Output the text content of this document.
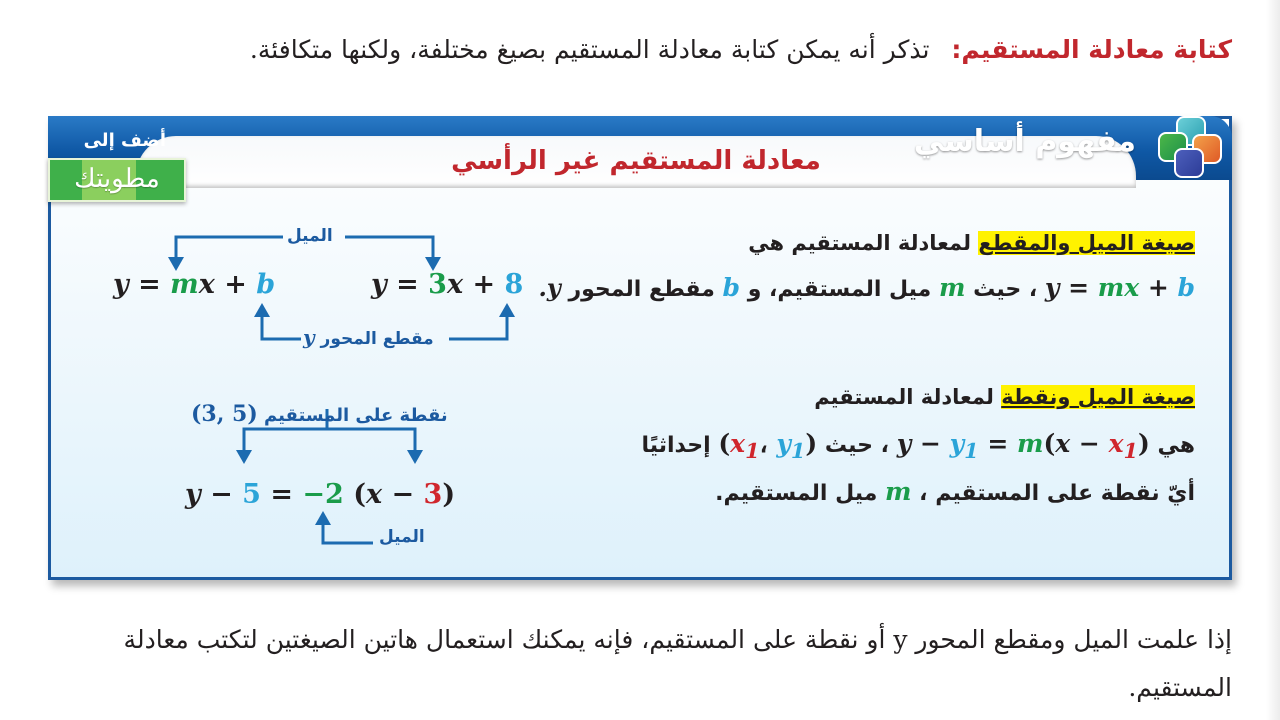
كتابة معادلة المستقيم: تذكر أنه يمكن كتابة معادلة المستقيم بصيغ مختلفة، ولكنها متكافئة.

معادلة المستقيم غير الرأسي
مفهوم أساسي
أضف إلى
مطويتك
صيغة الميل والمقطع لمعادلة المستقيم هي
y = mx + b ، حيث m ميل المستقيم، و b مقطع المحور y.
صيغة الميل ونقطة لمعادلة المستقيم
هي $y - y_1 = m(x - x_1)$ ، حيث ($x_1،$ $y_1$) إحداثيًا
أيّ نقطة على المستقيم ، m ميل المستقيم.
الميل
y = mx + b	y = 3x + 8
مقطع المحور y
نقطة على المستقيم (3, 5)
y − 5 = −2 (x − 3)
الميل

إذا علمت الميل ومقطع المحور y أو نقطة على المستقيم، فإنه يمكنك استعمال هاتين الصيغتين لتكتب معادلة المستقيم.
